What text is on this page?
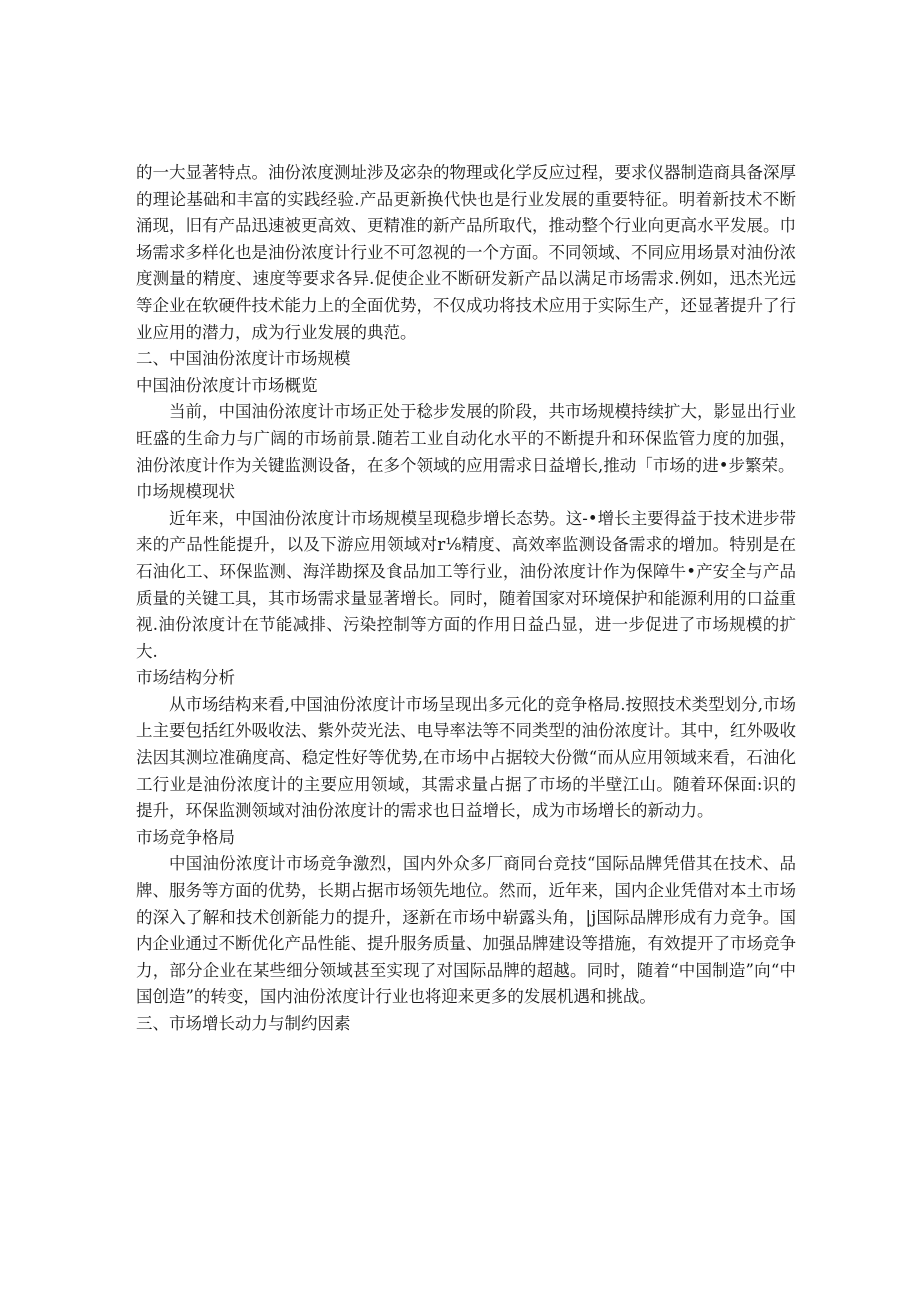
的一大显著特点。油份浓度测址涉及宓杂的物理或化学反应过程，要求仪器制造商具备深厚的理论基础和丰富的实践经验.产品更新换代快也是行业发展的重要特征。明着新技术不断涌现，旧有产品迅速被更高效、更精准的新产品所取代，推动整个行业向更高水平发展。巾场需求多样化也是油份浓度计行业不可忽视的一个方面。不同领域、不同应用场景对油份浓度测量的精度、速度等要求各异.促使企业不断研发新产品以满足市场需求.例如，迅杰光远等企业在软硬件技术能力上的全面优势，不仅成功将技术应用于实际生产，还显著提升了行业应用的潜力，成为行业发展的典范。

二、中国油份浓度计市场规模

中国油份浓度计市场概览

当前，中国油份浓度计市场正处于稔步发展的阶段，共市场规模持续扩大，影显出行业旺盛的生命力与广阔的市场前景.随若工业自动化水平的不断提升和环保监管力度的加强，油份浓度计作为关键监测设备，在多个领域的应用需求日益增长,推动「市场的进•步繁荣。

巾场规模现状

近年来，中国油份浓度计市场规模呈现稳步增长态势。这-•增长主要得益于技术进步带来的产品性能提升，以及下游应用领域对r⅛精度、高效率监测设备需求的增加。特别是在石油化工、环保监测、海洋勘探及食品加工等行业，油份浓度计作为保障牛•产安全与产品质量的关键工具，其市场需求量显著增长。同时，随着国家对环境保护和能源利用的口益重视.油份浓度计在节能减排、污染控制等方面的作用日益凸显，进一步促进了市场规模的扩大.

市场结构分析

从市场结构来看,中国油份浓度计市场呈现出多元化的竞争格局.按照技术类型划分,市场上主要包括红外吸收法、紫外荧光法、电导率法等不同类型的油份浓度计。其中，红外吸收法因其测垃准确度高、稳定性好等优势,在市场中占据较大份微“而从应用领域来看，石油化工行业是油份浓度计的主要应用领域，其需求量占据了市场的半壁江山。随着环保面:识的提升，环保监测领域对油份浓度计的需求也日益增长，成为市场增长的新动力。

市场竞争格局

中国油份浓度计市场竞争激烈，国内外众多厂商同台竞技“国际品牌凭借其在技术、品牌、服务等方面的优势，长期占据市场领先地位。然而，近年来，国内企业凭借对本土市场的深入了解和技术创新能力的提升，逐新在市场中崭露头角，|j国际品牌形成有力竞争。国内企业通过不断优化产品性能、提升服务质量、加强品牌建设等措施，有效提开了市场竞争力，部分企业在某些细分领域甚至实现了对国际品牌的超越。同时，随着“中国制造”向“中国创造”的转变，国内油份浓度计行业也将迎来更多的发展机遇和挑战。

三、市场增长动力与制约因素
